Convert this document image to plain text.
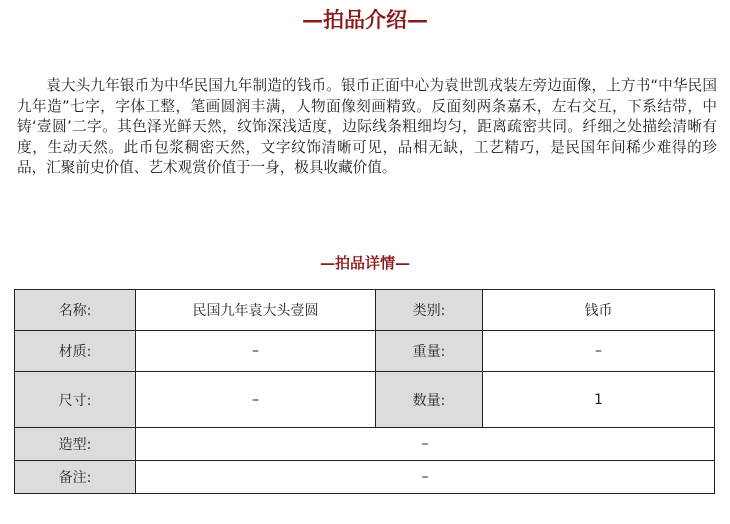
—拍品介绍—

袁大头九年银币为中华民国九年制造的钱币。银币正面中心为袁世凯戎装左旁边面像，上方书“中华民国九年造”七字，字体工整，笔画圆润丰满，人物面像刻画精致。反面刻两条嘉禾，左右交互，下系结带，中铸‘壹圆’二字。其色泽光鲜天然，纹饰深浅适度，边际线条粗细均匀，距离疏密共同。纤细之处描绘清晰有度，生动天然。此币包浆稠密天然，文字纹饰清晰可见，品相无缺，工艺精巧，是民国年间稀少难得的珍品，汇聚前史价值、艺术观赏价值于一身，极具收藏价值。

—拍品详情—
名称:	民国九年袁大头壹圆	类别:	钱币
材质:	–	重量:	–
尺寸:	–	数量:	1
造型:	–		
备注:	–		
